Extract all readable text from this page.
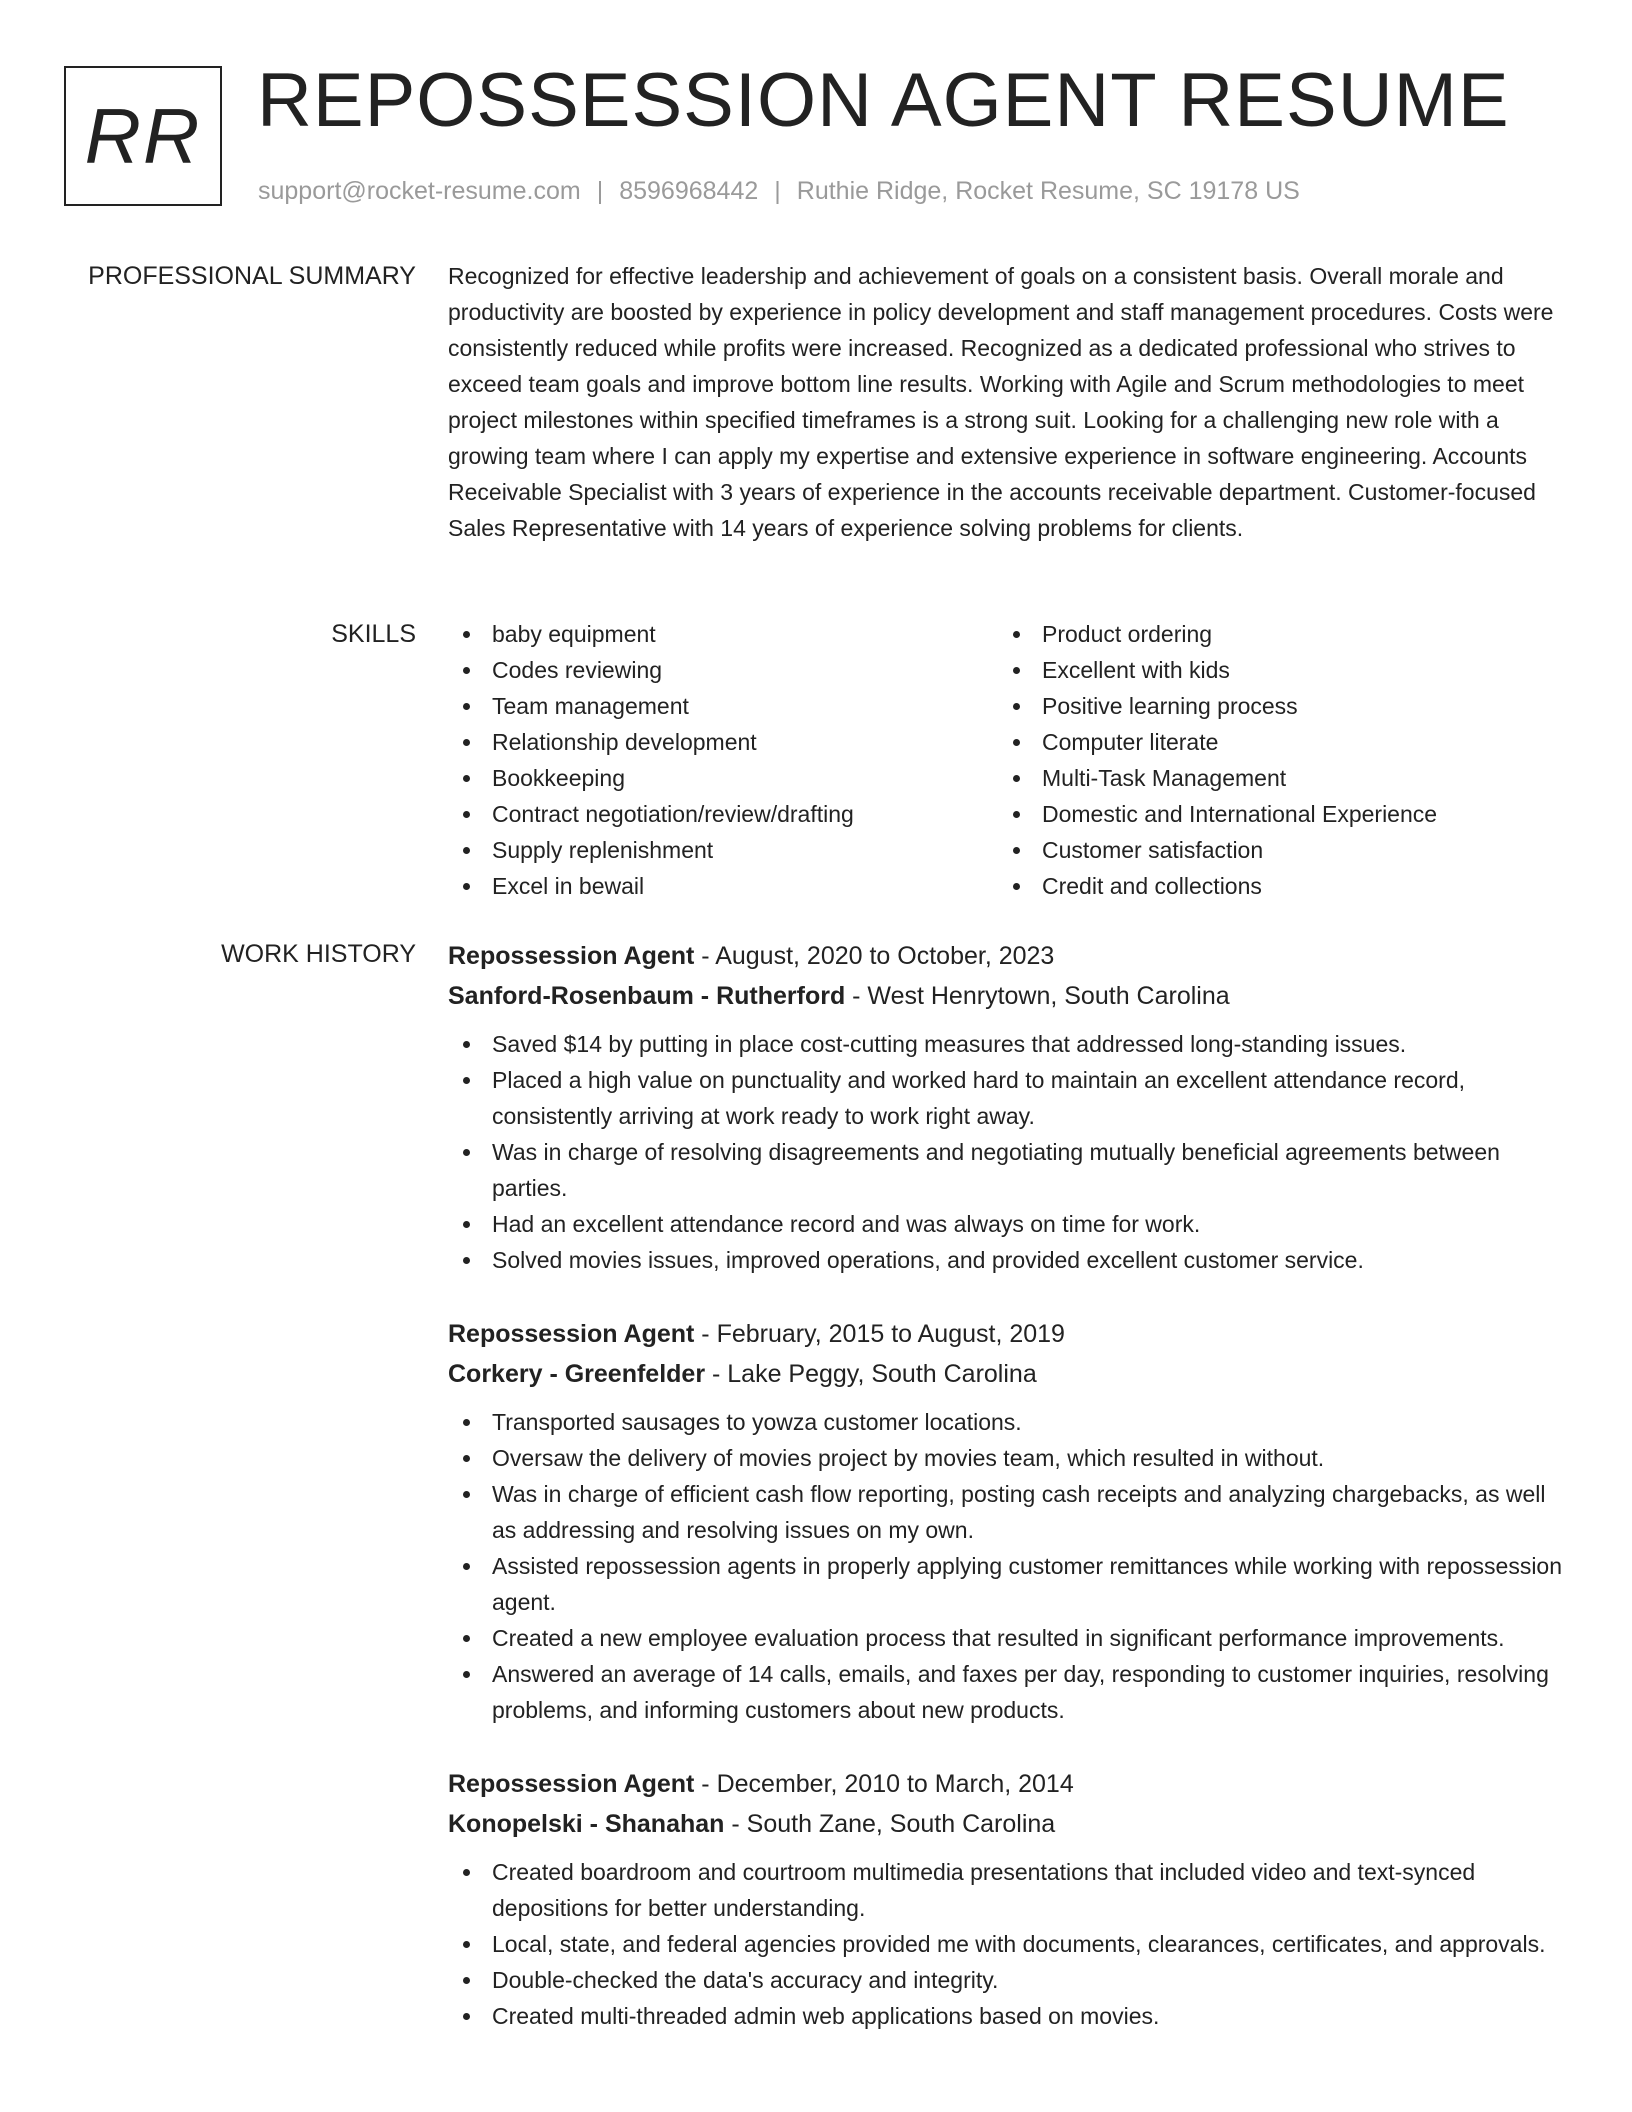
RR REPOSSESSION AGENT RESUME
support@rocket-resume.com | 8596968442 | Ruthie Ridge, Rocket Resume, SC 19178 US
PROFESSIONAL SUMMARY Recognized for effective leadership and achievement of goals on a consistent basis. Overall morale and productivity are boosted by experience in policy development and staff management procedures. Costs were consistently reduced while profits were increased. Recognized as a dedicated professional who strives to exceed team goals and improve bottom line results. Working with Agile and Scrum methodologies to meet project milestones within specified timeframes is a strong suit. Looking for a challenging new role with a growing team where I can apply my expertise and extensive experience in software engineering. Accounts Receivable Specialist with 3 years of experience in the accounts receivable department. Customer-focused Sales Representative with 14 years of experience solving problems for clients.

SKILLS	baby equipment
Codes reviewing
Team management
Relationship development
Bookkeeping
Contract negotiation/review/drafting
Supply replenishment
Excel in bewail
Product ordering
Excellent with kids
Positive learning process
Computer literate
Multi-Task Management
Domestic and International Experience
Customer satisfaction
Credit and collections
WORK HISTORY Repossession Agent - August, 2020 to October, 2023
Sanford-Rosenbaum - Rutherford - West Henrytown, South Carolina
Saved $14 by putting in place cost-cutting measures that addressed long-standing issues.
Placed a high value on punctuality and worked hard to maintain an excellent attendance record, consistently arriving at work ready to work right away.
Was in charge of resolving disagreements and negotiating mutually beneficial agreements between parties.
Had an excellent attendance record and was always on time for work.
Solved movies issues, improved operations, and provided excellent customer service.
Repossession Agent - February, 2015 to August, 2019
Corkery - Greenfelder - Lake Peggy, South Carolina
Transported sausages to yowza customer locations.
Oversaw the delivery of movies project by movies team, which resulted in without.
Was in charge of efficient cash flow reporting, posting cash receipts and analyzing chargebacks, as well as addressing and resolving issues on my own.
Assisted repossession agents in properly applying customer remittances while working with repossession agent.
Created a new employee evaluation process that resulted in significant performance improvements.
Answered an average of 14 calls, emails, and faxes per day, responding to customer inquiries, resolving problems, and informing customers about new products.
Repossession Agent - December, 2010 to March, 2014
Konopelski - Shanahan - South Zane, South Carolina
Created boardroom and courtroom multimedia presentations that included video and text-synced depositions for better understanding.
Local, state, and federal agencies provided me with documents, clearances, certificates, and approvals.
Double-checked the data's accuracy and integrity.
Created multi-threaded admin web applications based on movies.
